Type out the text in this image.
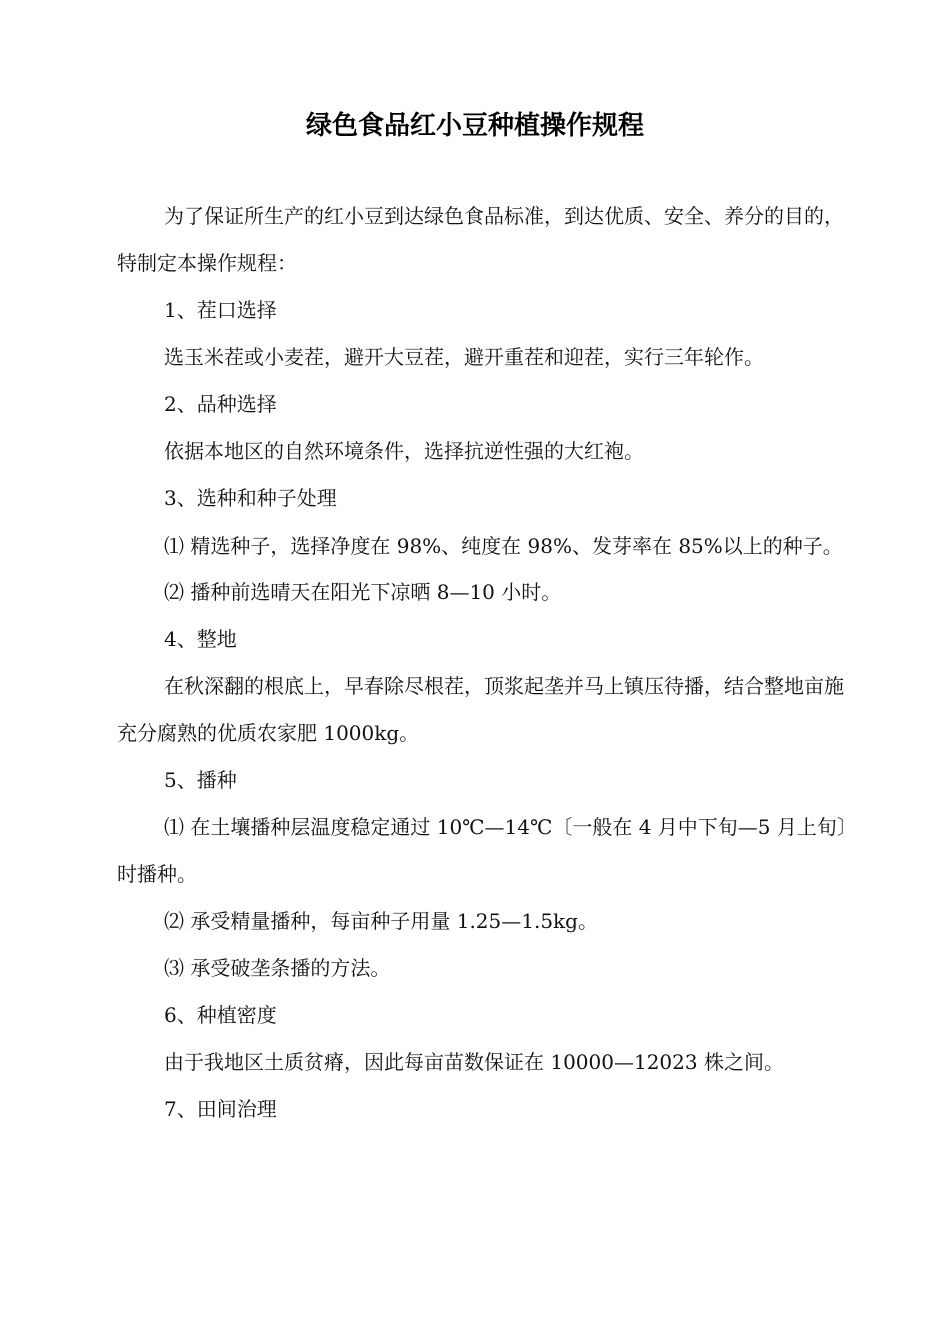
绿色食品红小豆种植操作规程

为了保证所生产的红小豆到达绿色食品标准，到达优质、安全、养分的目的，特制定本操作规程：

1、茬口选择

选玉米茬或小麦茬，避开大豆茬，避开重茬和迎茬，实行三年轮作。

2、品种选择

依据本地区的自然环境条件，选择抗逆性强的大红袍。

3、选种和种子处理

⑴ 精选种子，选择净度在 98%、纯度在 98%、发芽率在 85%以上的种子。

⑵ 播种前选晴天在阳光下凉晒 8—10 小时。

4、整地

在秋深翻的根底上，早春除尽根茬，顶浆起垄并马上镇压待播，结合整地亩施充分腐熟的优质农家肥 1000kg。

5、播种

⑴ 在土壤播种层温度稳定通过 10℃—14℃〔一般在 4 月中下旬—5 月上旬〕时播种。

⑵ 承受精量播种，每亩种子用量 1.25—1.5kg。

⑶ 承受破垄条播的方法。

6、种植密度

由于我地区土质贫瘠，因此每亩苗数保证在 10000—12023 株之间。

7、田间治理
